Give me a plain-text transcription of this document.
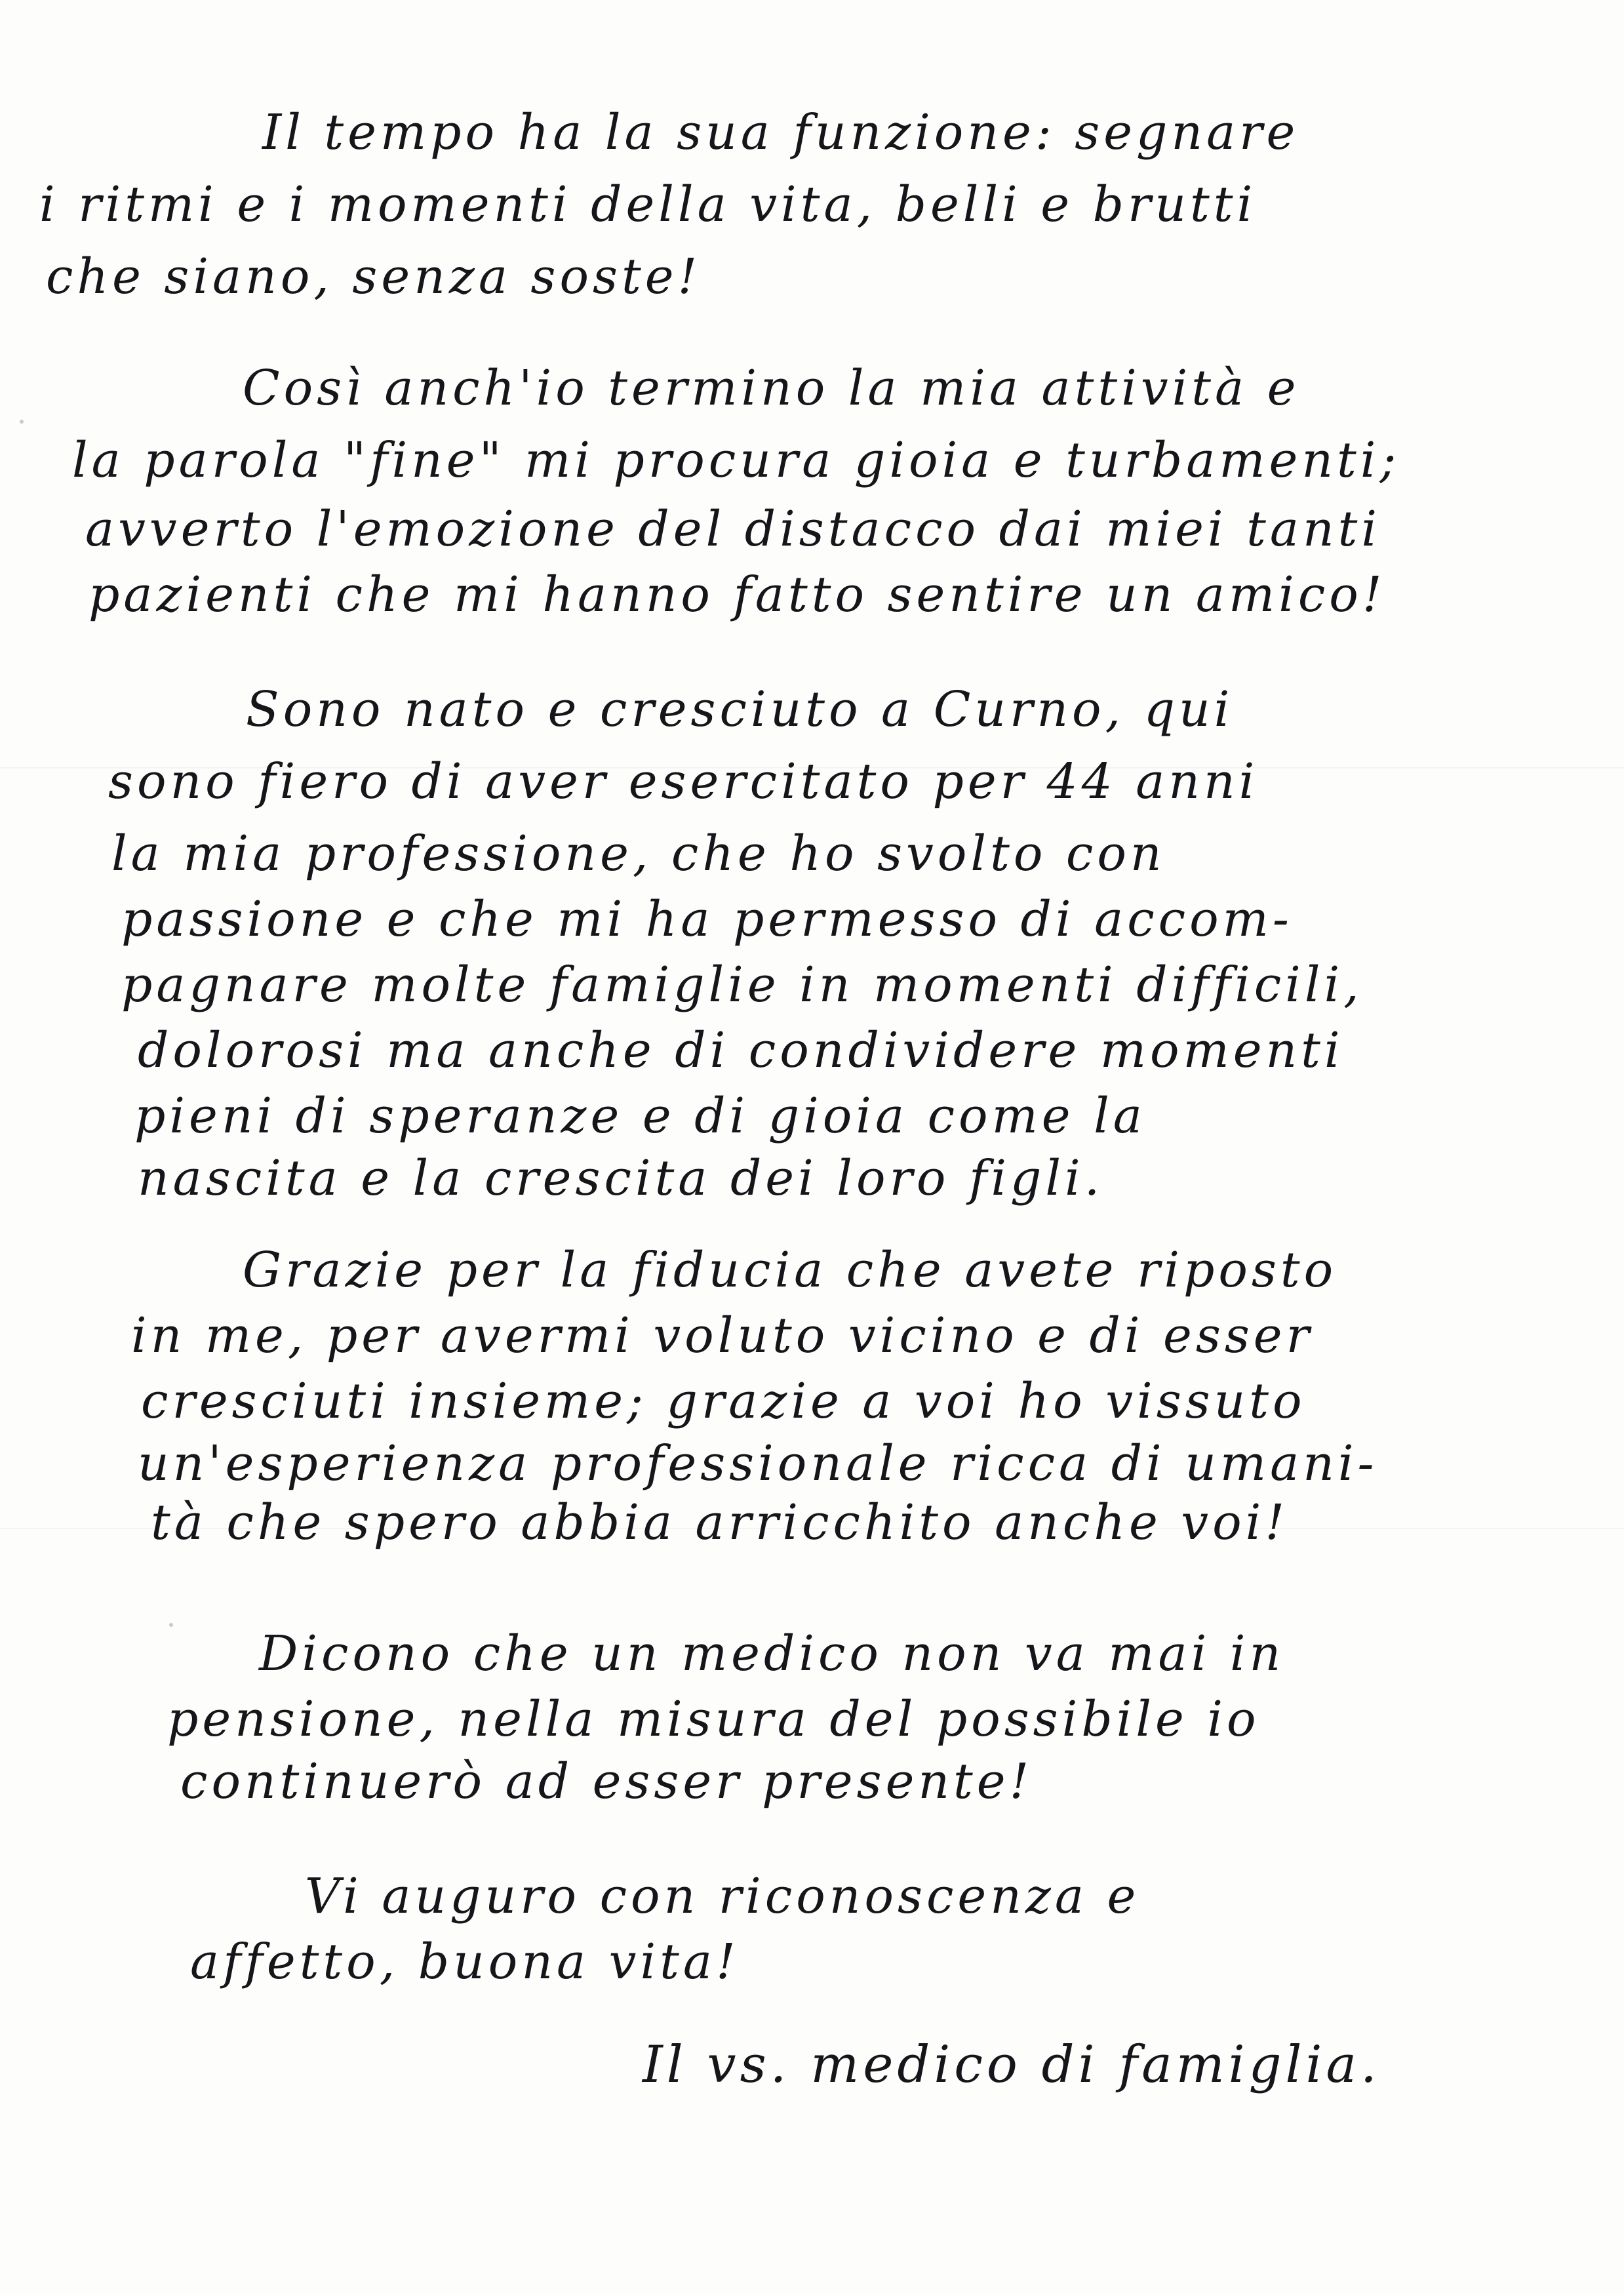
Il tempo ha la sua funzione: segnare
i ritmi e i momenti della vita, belli e brutti
che siano, senza soste!
Così anch'io termino la mia attività e
la parola "fine" mi procura gioia e turbamenti;
avverto l'emozione del distacco dai miei tanti
pazienti che mi hanno fatto sentire un amico!
Sono nato e cresciuto a Curno, qui
sono fiero di aver esercitato per 44 anni
la mia professione, che ho svolto con
passione e che mi ha permesso di accom-
pagnare molte famiglie in momenti difficili,
dolorosi ma anche di condividere momenti
pieni di speranze e di gioia come la
nascita e la crescita dei loro figli.
Grazie per la fiducia che avete riposto
in me, per avermi voluto vicino e di esser
cresciuti insieme; grazie a voi ho vissuto
un'esperienza professionale ricca di umani-
tà che spero abbia arricchito anche voi!
Dicono che un medico non va mai in
pensione, nella misura del possibile io
continuerò ad esser presente!
Vi auguro con riconoscenza e
affetto, buona vita!
Il vs. medico di famiglia.
